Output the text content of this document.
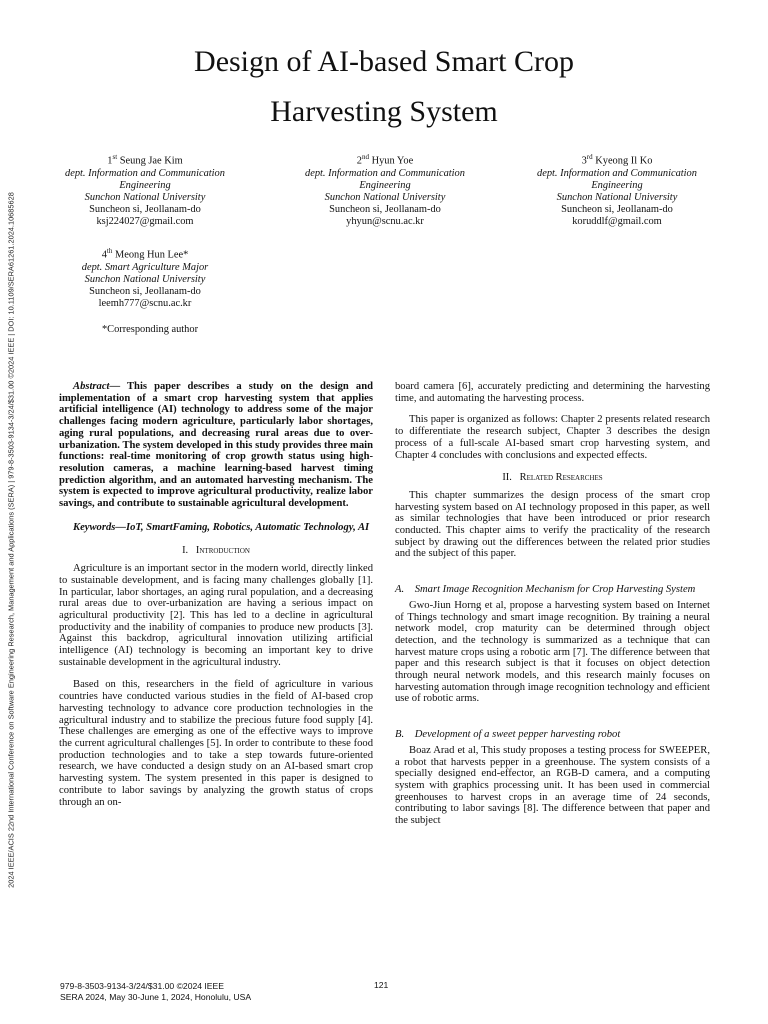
2024 IEEE/ACIS 22nd International Conference on Software Engineering Research, Management and Applications (SERA) | 979-8-3503-9134-3/24/$31.00 ©2024 IEEE | DOI: 10.1109/SERA61261.2024.10685628
Design of AI-based Smart Crop
Harvesting System
1st Seung Jae Kim
dept. Information and Communication Engineering
Sunchon National University
Suncheon si, Jeollanam-do
ksj224027@gmail.com
2nd Hyun Yoe
dept. Information and Communication Engineering
Sunchon National University
Suncheon si, Jeollanam-do
yhyun@scnu.ac.kr
3rd Kyeong Il Ko
dept. Information and Communication Engineering
Sunchon National University
Suncheon si, Jeollanam-do
koruddlf@gmail.com
4th Meong Hun Lee*
dept. Smart Agriculture Major
Sunchon National University
Suncheon si, Jeollanam-do
leemh777@scnu.ac.kr
*Corresponding author

Abstract— This paper describes a study on the design and implementation of a smart crop harvesting system that applies artificial intelligence (AI) technology to address some of the major challenges facing modern agriculture, particularly labor shortages, aging rural populations, and decreasing rural areas due to over-urbanization. The system developed in this study provides three main functions: real-time monitoring of crop growth status using high-resolution cameras, a machine learning-based harvest timing prediction algorithm, and an automated harvesting mechanism. The system is expected to improve agricultural productivity, realize labor savings, and contribute to sustainable agricultural development.

Keywords—IoT, SmartFaming, Robotics, Automatic Technology, AI

I. Introduction

Agriculture is an important sector in the modern world, directly linked to sustainable development, and is facing many challenges globally [1]. In particular, labor shortages, an aging rural population, and a decreasing rural areas due to over-urbanization are having a serious impact on agricultural productivity [2]. This has led to a decline in agricultural productivity and the inability of companies to produce new products [3]. Against this backdrop, agricultural innovation utilizing artificial intelligence (AI) technology is becoming an important key to drive sustainable development in the agricultural industry.

Based on this, researchers in the field of agriculture in various countries have conducted various studies in the field of AI-based crop harvesting technology to advance core production technologies in the agricultural industry and to stabilize the precious future food supply [4]. These challenges are emerging as one of the effective ways to improve the current agricultural challenges [5]. In order to contribute to these food production technologies and to take a step towards future-oriented research, we have conducted a design study on an AI-based smart crop harvesting system. The system presented in this paper is designed to contribute to labor savings by analyzing the growth status of crops through an on-

board camera [6], accurately predicting and determining the harvesting time, and automating the harvesting process.

This paper is organized as follows: Chapter 2 presents related research to differentiate the research subject, Chapter 3 describes the design process of a full-scale AI-based smart crop harvesting system, and Chapter 4 concludes with conclusions and expected effects.

II. Related Researches

This chapter summarizes the design process of the smart crop harvesting system based on AI technology proposed in this paper, as well as similar technologies that have been introduced or prior research conducted. This chapter aims to verify the practicality of the research subject by drawing out the differences between the related prior studies and the subject of this paper.

A. Smart Image Recognition Mechanism for Crop Harvesting System

Gwo-Jiun Horng et al, propose a harvesting system based on Internet of Things technology and smart image recognition. By training a neural network model, crop maturity can be determined through object detection, and the technology is summarized as a technique that can harvest mature crops using a robotic arm [7]. The difference between that paper and this research subject is that it focuses on object detection through neural network models, and this research mainly focuses on harvesting automation through image recognition technology and efficient use of robotic arms.

B. Development of a sweet pepper harvesting robot

Boaz Arad et al, This study proposes a testing process for SWEEPER, a robot that harvests pepper in a greenhouse. The system consists of a specially designed end-effector, an RGB-D camera, and a computing system with graphics processing unit. It has been used in commercial greenhouses to harvest crops in an average time of 24 seconds, contributing to labor savings [8]. The difference between that paper and the subject

979-8-3503-9134-3/24/$31.00 ©2024 IEEE
SERA 2024, May 30-June 1, 2024, Honolulu, USA
121
